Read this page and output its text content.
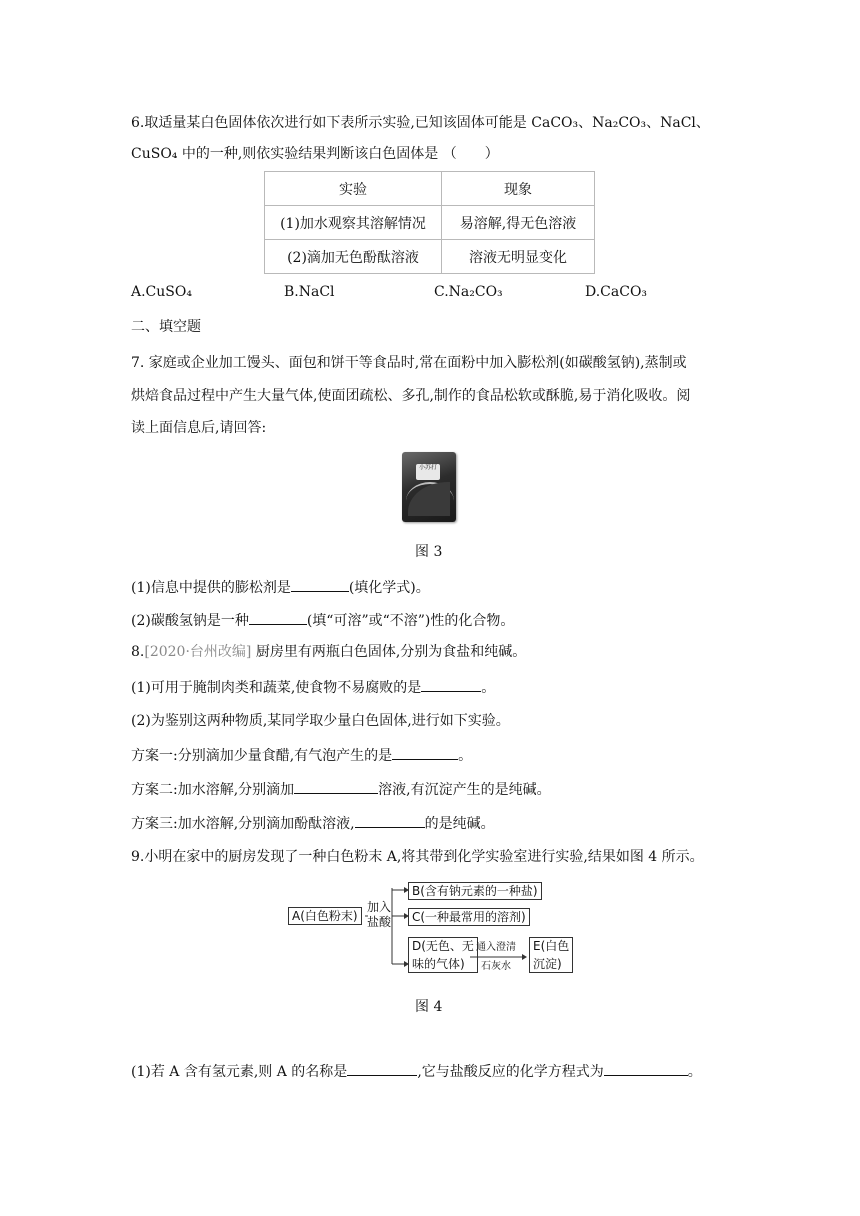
6.取适量某白色固体依次进行如下表所示实验,已知该固体可能是 CaCO₃、Na₂CO₃、NaCl、
CuSO₄ 中的一种,则依实验结果判断该白色固体是 （　　）
实验	现象
(1)加水观察其溶解情况	易溶解,得无色溶液
(2)滴加无色酚酞溶液	溶液无明显变化
A.CuSO₄	B.NaCl	C.Na₂CO₃	D.CaCO₃
二、填空题
7. 家庭或企业加工馒头、面包和饼干等食品时,常在面粉中加入膨松剂(如碳酸氢钠),蒸制或
烘焙食品过程中产生大量气体,使面团疏松、多孔,制作的食品松软或酥脆,易于消化吸收。阅
读上面信息后,请回答:
小苏打
图 3
(1)信息中提供的膨松剂是	(填化学式)。
(2)碳酸氢钠是一种	(填“可溶”或“不溶”)性的化合物。
8.[2020·台州改编] 厨房里有两瓶白色固体,分别为食盐和纯碱。
(1)可用于腌制肉类和蔬菜,使食物不易腐败的是	。
(2)为鉴别这两种物质,某同学取少量白色固体,进行如下实验。
方案一:分别滴加少量食醋,有气泡产生的是	。
方案二:加水溶解,分别滴加	溶液,有沉淀产生的是纯碱。
方案三:加水溶解,分别滴加酚酞溶液,	的是纯碱。
9.小明在家中的厨房发现了一种白色粉末 A,将其带到化学实验室进行实验,结果如图 4 所示。
A(白色粉末)
加入
盐酸
B(含有钠元素的一种盐)
C(一种最常用的溶剂)
D(无色、无
味的气体)
通入澄清
石灰水
E(白色
沉淀)
图 4
(1)若 A 含有氢元素,则 A 的名称是	,它与盐酸反应的化学方程式为	。
